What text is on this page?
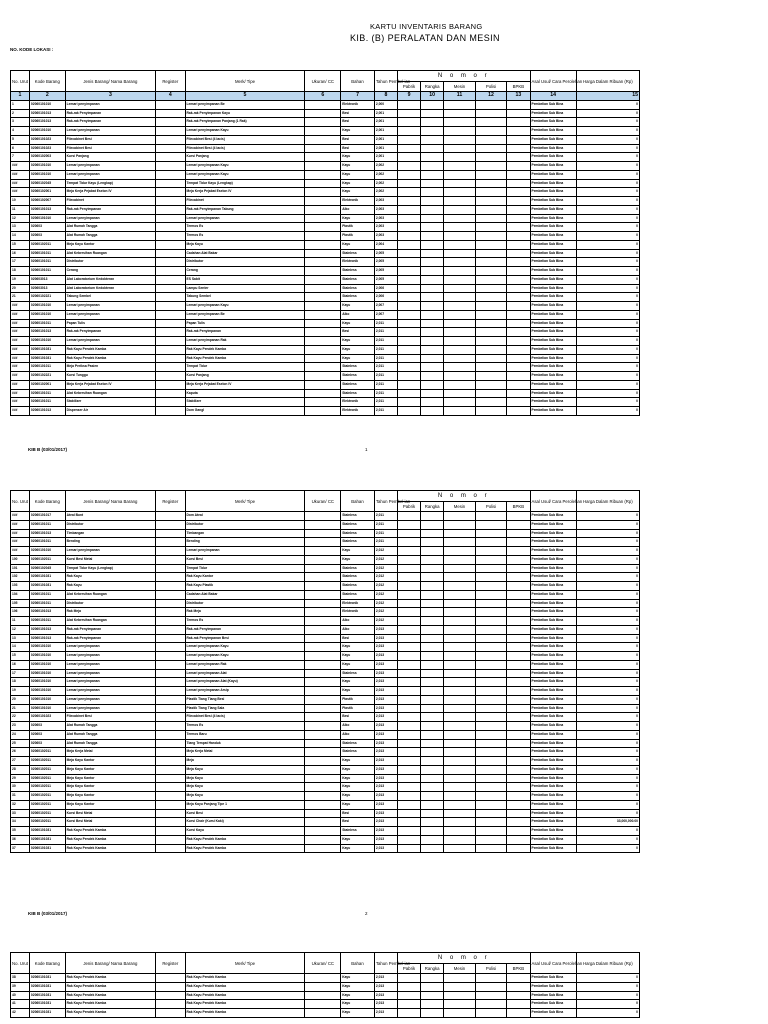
KARTU INVENTARIS BARANG
KIB. (B) PERALATAN DAN MESIN
NO. KODE LOKASI :
No. Urut	Kode Barang	Jenis Barang/ Nama Barang	Register	Merk/ Tipe	Ukuran/ CC	Bahan	Tahun Pembel ian	N o m o r					Asal Usul/ Cara Perolehan	Harga Dalam Ribuan (Rp)
								Pabrik	Rangka	Mesin	Polisi	BPKB		
1	2	3	4	5	6	7	8	9	10	11	12	13	14	15
1	02060101010	Lemari penyimpanan		Lemari penyimpanan Be		Elektronik	2,000						Pembelian Sub Bina	0
2	02060101013	Rak-rak Penyimpanan		Rak-rak Penyimpanan Kayu		Besi	2,001						Pembelian Sub Bina	0
3	02060101013	Rak-rak Penyimpanan		Rak-rak Penyimpanan Panjang (1 Rak)		Besi	2,001						Pembelian Sub Bina	0
4	02060101010	Lemari penyimpanan		Lemari penyimpanan Kayu		Kayu	2,001						Pembelian Sub Bina	0
5	02060101023	Filecabinet Besi		Filecabinet Besi (4 lacis)		Besi	2,001						Pembelian Sub Bina	0
6	02060101023	Filecabinet Besi		Filecabinet Besi (4 lacis)		Besi	2,001						Pembelian Sub Bina	0
7	02060102003	Kursi Panjang		Kursi Panjang		Kayu	2,001						Pembelian Sub Bina	0
###	02060101010	Lemari penyimpanan		Lemari penyimpanan Kayu		Kayu	2,002						Pembelian Sub Bina	0
###	02060101010	Lemari penyimpanan		Lemari penyimpanan Kayu		Kayu	2,002						Pembelian Sub Bina	0
###	02060102045	Tempat Tidur Kayu (Lengkap)		Tempat Tidur Kayu (Lengkap)		Kayu	2,002						Pembelian Sub Bina	0
###	02060102001	Meja Kerja Pejabat Eselon IV		Meja Kerja Pejabat Eselon IV		Kayu	2,002						Pembelian Sub Bina	0
10	02060102007	Filecabinet		Filecabinet		Elektronik	2,003						Pembelian Sub Bina	0
11	02060101013	Rak-rak Penyimpanan		Rak-rak Penyimpanan Tabung		Alko	2,003						Pembelian Sub Bina	0
12	02060101010	Lemari penyimpanan		Lemari penyimpanan		Kayu	2,003						Pembelian Sub Bina	0
13	020603	Alat Rumah Tangga		Termos Es		Plastik	2,003						Pembelian Sub Bina	0
14	020603	Alat Rumah Tangga		Termos Es		Plastik	2,003						Pembelian Sub Bina	0
15	02060102011	Meja Kayu Kantor		Meja Kayu		Kayu	2,004						Pembelian Sub Bina	0
16	02060101011	Alat Kebersihan Ruangan		Cadahan Alat Bakar		Stainless	2,005						Pembelian Sub Bina	0
17	02060101011	Distributor		Distributor		Elektronik	2,005						Pembelian Sub Bina	0
18	02060101011	Cerang		Cerang		Stainless	2,005						Pembelian Sub Bina	0
19	020603013	Alat Laboratorium Kedokteran		ES Sabit		Stainless	2,005						Pembelian Sub Bina	0
20	020603013	Alat Laboratorium Kedokteran		Lampu Senter		Stainless	2,006						Pembelian Sub Bina	0
21	02060102221	Tabung Sembel		Tabung Sembel		Stainless	2,006						Pembelian Sub Bina	0
###	02060101010	Lemari penyimpanan		Lemari penyimpanan Kayu		Kayu	2,007						Pembelian Sub Bina	0
###	02060101010	Lemari penyimpanan		Lemari penyimpanan Be		Alko	2,007						Pembelian Sub Bina	0
###	02060101011	Papan Tulis		Papan Tulis		Kayu	2,011						Pembelian Sub Bina	0
###	02060101013	Rak-rak Penyimpanan		Rak-rak Penyimpanan		Besi	2,011						Pembelian Sub Bina	0
###	02060101010	Lemari penyimpanan		Lemari penyimpanan Rak		Kayu	2,011						Pembelian Sub Bina	0
###	02060101031	Rak Kayu Pendek Kamba		Rak Kayu Pendek Kamba		Kayu	2,011						Pembelian Sub Bina	0
###	02060101031	Rak Kayu Pendek Kamba		Rak Kayu Pendek Kamba		Kayu	2,011						Pembelian Sub Bina	0
###	02060101011	Meja Periksa Pasien		Tempat Tidur		Stainless	2,011						Pembelian Sub Bina	0
###	02060102221	Kursi Tunggu		Kursi Panjang		Stainless	2,011						Pembelian Sub Bina	0
###	02060102001	Meja Kerja Pejabat Eselon IV		Meja Kerja Pejabat Eselon IV		Stainless	2,011						Pembelian Sub Bina	0
###	02060101011	Alat Kebersihan Ruangan		Kaputa		Stainless	2,011						Pembelian Sub Bina	0
###	02060101011	Stabilizer		Stabilizer		Elektronik	2,011						Pembelian Sub Bina	0
###	02060101013	Dispenser Air		Dom Gangl		Elektronik	2,011						Pembelian Sub Bina	0
KIB B (03/01/2017)	1
No. Urut	Kode Barang	Jenis Barang/ Nama Barang	Register	Merk/ Tipe	Ukuran/ CC	Bahan	Tahun Pembel ian	N o m o r					Asal Usul/ Cara Perolehan	Harga Dalam Ribuan (Rp)
								Pabrik	Rangka	Mesin	Polisi	BPKB		
###	02060101017	Ateal Bunt		Dom Ateal		Stainless	2,011						Pembelian Sub Bina	0
###	02060101011	Distributor		Distributor		Stainless	2,011						Pembelian Sub Bina	0
###	02060101013	Timbangan		Timbangan		Stainless	2,011						Pembelian Sub Bina	0
###	02060101011	Bending		Bending		Stainless	2,011						Pembelian Sub Bina	0
###	02060101010	Lemari penyimpanan		Lemari penyimpanan		Kayu	2,012						Pembelian Sub Bina	0
100	02060102011	Kursi Besi Metal		Kursi Besi		Kayu	2,012						Pembelian Sub Bina	0
101	02060102045	Tempat Tidur Kayu (Lengkap)		Tempat Tidur		Stainless	2,012						Pembelian Sub Bina	0
102	02060101031	Rak Kayu		Rak Kayu Kantor		Stainless	2,012						Pembelian Sub Bina	0
103	02060101031	Rak Kayu		Rak Kayu Plastik		Stainless	2,012						Pembelian Sub Bina	0
104	02060101011	Alat Kebersihan Ruangan		Cadahan Alat Bakar		Stainless	2,012						Pembelian Sub Bina	0
105	02060101011	Distributor		Distributor		Elektronik	2,012						Pembelian Sub Bina	0
106	02060101013	Rak Meja		Rak Meja		Elektronik	2,012						Pembelian Sub Bina	0
11	02060101011	Alat Kebersihan Ruangan		Termos Es		Alko	2,012						Pembelian Sub Bina	0
12	02060101013	Rak-rak Penyimpanan		Rak-rak Penyimpanan		Alko	2,013						Pembelian Sub Bina	0
13	02060101013	Rak-rak Penyimpanan		Rak-rak Penyimpanan Besi		Besi	2,013						Pembelian Sub Bina	0
14	02060101010	Lemari penyimpanan		Lemari penyimpanan Kayu		Kayu	2,013						Pembelian Sub Bina	0
15	02060101010	Lemari penyimpanan		Lemari penyimpanan Kayu		Kayu	2,013						Pembelian Sub Bina	0
16	02060101010	Lemari penyimpanan		Lemari penyimpanan Rak		Kayu	2,013						Pembelian Sub Bina	0
17	02060101010	Lemari penyimpanan		Lemari penyimpanan Alat		Stainless	2,013						Pembelian Sub Bina	0
18	02060101010	Lemari penyimpanan		Lemari penyimpanan Alat (Kayu)		Kayu	2,013						Pembelian Sub Bina	0
19	02060101010	Lemari penyimpanan		Lemari penyimpanan Arsip		Kayu	2,013						Pembelian Sub Bina	0
20	02060101010	Lemari penyimpanan		Plastik Tiang Tiang Besi		Plastik	2,013						Pembelian Sub Bina	0
21	02060101010	Lemari penyimpanan		Plastik Tiang Tiang Sala		Plastik	2,013						Pembelian Sub Bina	0
22	02060101023	Filecabinet Besi		Filecabinet Besi (4 lacis)		Besi	2,013						Pembelian Sub Bina	0
23	020603	Alat Rumah Tangga		Termos Es		Alko	2,013						Pembelian Sub Bina	0
24	020603	Alat Rumah Tangga		Termos Baru		Alko	2,013						Pembelian Sub Bina	0
25	020603	Alat Rumah Tangga		Tiang Tempat Handuk		Stainless	2,013						Pembelian Sub Bina	0
26	02060102011	Meja Kerja Metal		Meja Kerja Metal		Stainless	2,013						Pembelian Sub Bina	0
27	02060102011	Meja Kayu Kantor		Meja		Kayu	2,013						Pembelian Sub Bina	0
28	02060102011	Meja Kayu Kantor		Meja Kayu		Kayu	2,013						Pembelian Sub Bina	0
29	02060102011	Meja Kayu Kantor		Meja Kayu		Kayu	2,013						Pembelian Sub Bina	0
30	02060102011	Meja Kayu Kantor		Meja Kayu		Kayu	2,013						Pembelian Sub Bina	0
31	02060102011	Meja Kayu Kantor		Meja Kayu		Kayu	2,013						Pembelian Sub Bina	0
32	02060102011	Meja Kayu Kantor		Meja Kayu Panjang Tipe 1		Kayu	2,013						Pembelian Sub Bina	0
33	02060102011	Kursi Besi Metal		Kursi Besi		Besi	2,013						Pembelian Sub Bina	0
34	02060102011	Kursi Besi Metal		Kursi Chair (Kursi Kaki)		Besi	2,013						Pembelian Sub Bina	33,000,000.00
35	02060101031	Rak Kayu Pendek Kamba		Kursi Kayu		Stainless	2,013						Pembelian Sub Bina	0
36	02060101031	Rak Kayu Pendek Kamba		Rak Kayu Pendek Kamba		Kayu	2,013						Pembelian Sub Bina	0
37	02060101031	Rak Kayu Pendek Kamba		Rak Kayu Pendek Kamba		Kayu	2,013						Pembelian Sub Bina	0
KIB B (03/01/2017)	2
No. Urut	Kode Barang	Jenis Barang/ Nama Barang	Register	Merk/ Tipe	Ukuran/ CC	Bahan	Tahun Pembel ian	N o m o r					Asal Usul/ Cara Perolehan	Harga Dalam Ribuan (Rp)
								Pabrik	Rangka	Mesin	Polisi	BPKB		
38	02060101031	Rak Kayu Pendek Kamba		Rak Kayu Pendek Kamba		Kayu	2,013						Pembelian Sub Bina	0
39	02060101031	Rak Kayu Pendek Kamba		Rak Kayu Pendek Kamba		Kayu	2,013						Pembelian Sub Bina	0
40	02060101031	Rak Kayu Pendek Kamba		Rak Kayu Pendek Kamba		Kayu	2,013						Pembelian Sub Bina	0
41	02060101031	Rak Kayu Pendek Kamba		Rak Kayu Pendek Kamba		Kayu	2,013						Pembelian Sub Bina	0
42	02060101031	Rak Kayu Pendek Kamba		Rak Kayu Pendek Kamba		Kayu	2,013						Pembelian Sub Bina	0
